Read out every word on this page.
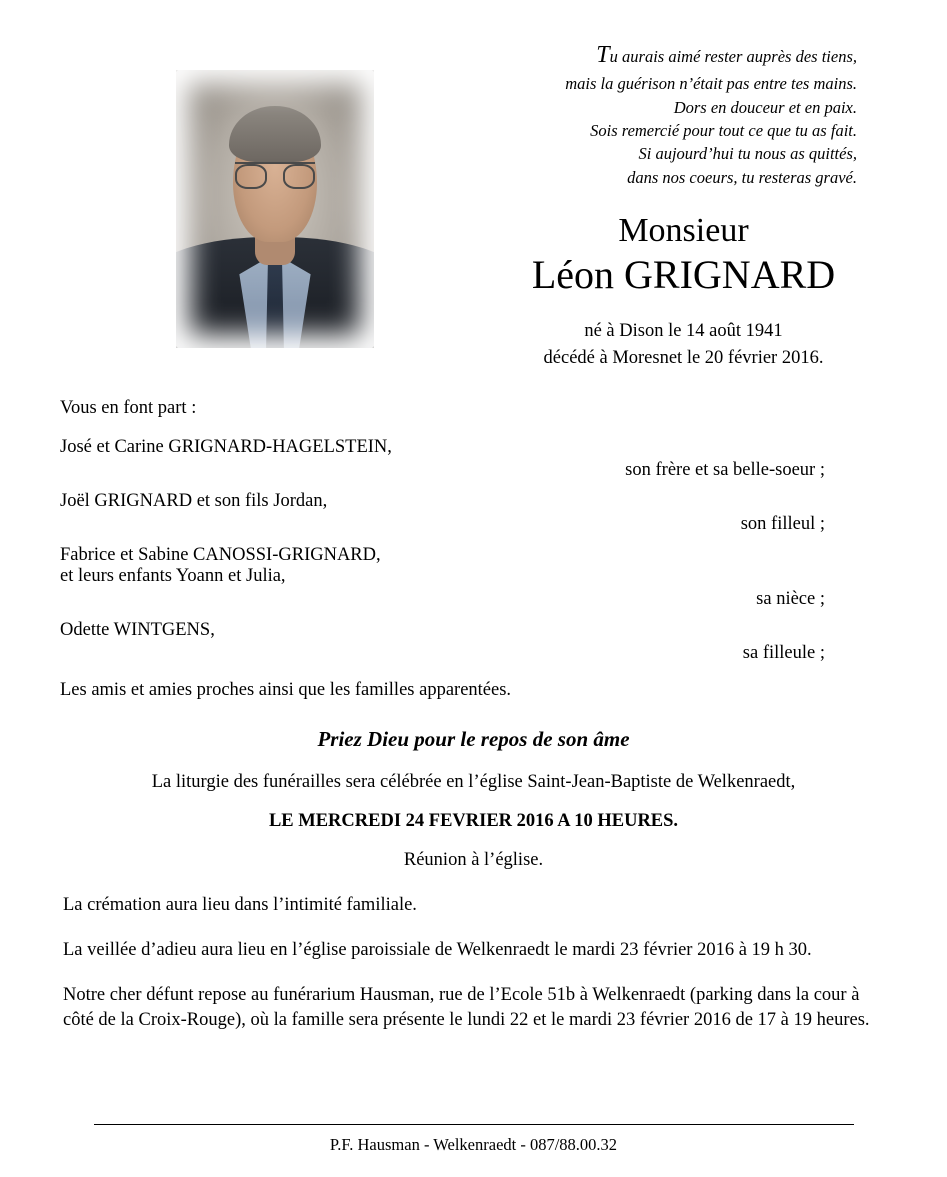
Tu aurais aimé rester auprès des tiens,
mais la guérison n’était pas entre tes mains.
Dors en douceur et en paix.
Sois remercié pour tout ce que tu as fait.
Si aujourd’hui tu nous as quittés,
dans nos coeurs, tu resteras gravé.
Monsieur
Léon GRIGNARD
né à Dison le 14 août 1941
décédé à Moresnet le 20 février 2016.
Vous en font part :
José et Carine GRIGNARD-HAGELSTEIN,
son frère et sa belle-soeur ;
Joël GRIGNARD et son fils Jordan,
son filleul ;
Fabrice et Sabine CANOSSI-GRIGNARD,
et leurs enfants Yoann et Julia,
sa nièce ;
Odette WINTGENS,
sa filleule ;
Les amis et amies proches ainsi que les familles apparentées.
Priez Dieu pour le repos de son âme
La liturgie des funérailles sera célébrée en l’église Saint-Jean-Baptiste de Welkenraedt,
LE MERCREDI 24 FEVRIER 2016 A 10 HEURES.
Réunion à l’église.
La crémation aura lieu dans l’intimité familiale.
La veillée d’adieu aura lieu en l’église paroissiale de Welkenraedt le mardi 23 février 2016 à 19 h 30.
Notre cher défunt repose au funérarium Hausman, rue de l’Ecole 51b à Welkenraedt (parking dans la cour à côté de la Croix-Rouge), où la famille sera présente le lundi 22 et le mardi 23 février 2016 de 17 à 19 heures.
P.F. Hausman - Welkenraedt - 087/88.00.32
